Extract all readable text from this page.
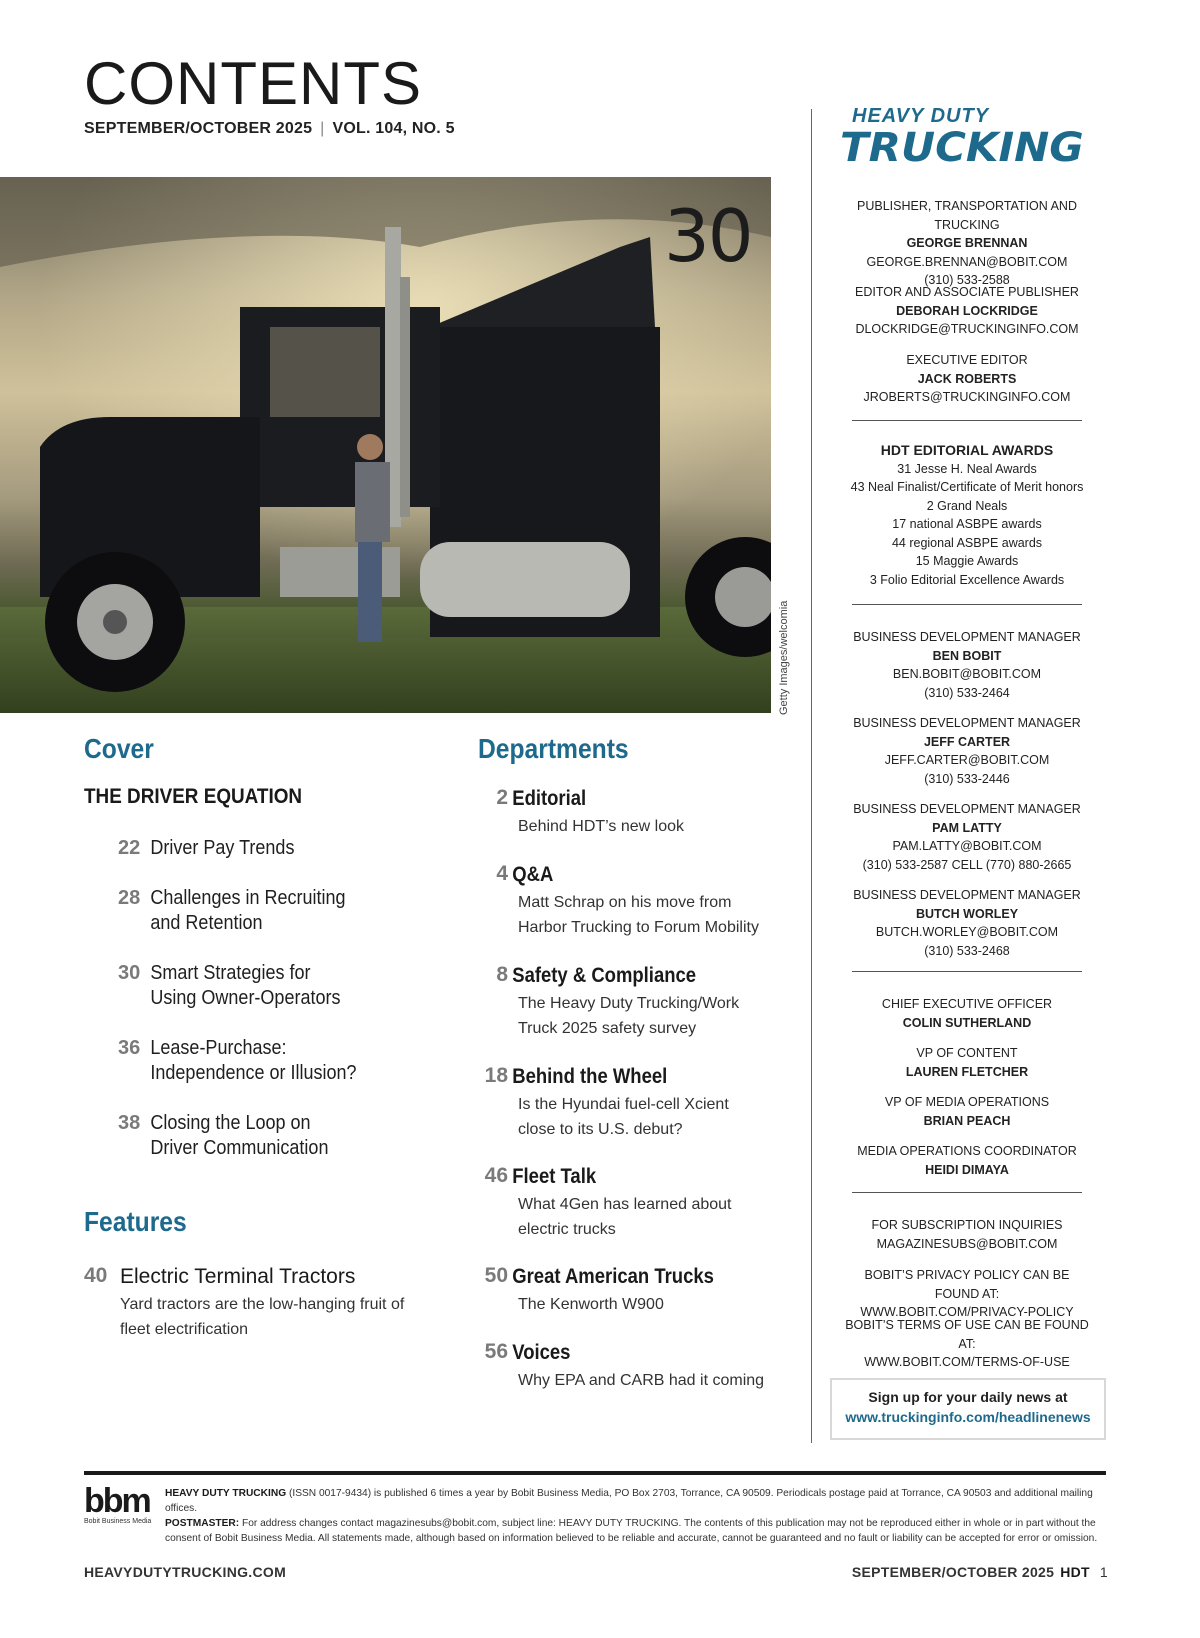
CONTENTS
SEPTEMBER/OCTOBER 2025 | VOL. 104, NO. 5
30
Getty Images/welcomia
Cover
THE DRIVER EQUATION
22 Driver Pay Trends
28 Challenges in Recruiting
and Retention
30 Smart Strategies for
Using Owner-Operators
36 Lease-Purchase:
Independence or Illusion?
38 Closing the Loop on
Driver Communication
Features
40 Electric Terminal Tractors
Yard tractors are the low-hanging fruit of
fleet electrification
Departments
2 Editorial
Behind HDT’s new look
4 Q&A
Matt Schrap on his move from
Harbor Trucking to Forum Mobility
8 Safety & Compliance
The Heavy Duty Trucking/Work
Truck 2025 safety survey
18 Behind the Wheel
Is the Hyundai fuel-cell Xcient
close to its U.S. debut?
46 Fleet Talk
What 4Gen has learned about
electric trucks
50 Great American Trucks
The Kenworth W900
56 Voices
Why EPA and CARB had it coming
HEAVY DUTY
TRUCKING
PUBLISHER, TRANSPORTATION AND TRUCKING
GEORGE BRENNAN
GEORGE.BRENNAN@BOBIT.COM
(310) 533-2588
EDITOR AND ASSOCIATE PUBLISHER
DEBORAH LOCKRIDGE
DLOCKRIDGE@TRUCKINGINFO.COM
EXECUTIVE EDITOR
JACK ROBERTS
JROBERTS@TRUCKINGINFO.COM
HDT EDITORIAL AWARDS
31 Jesse H. Neal Awards
43 Neal Finalist/Certificate of Merit honors
2 Grand Neals
17 national ASBPE awards
44 regional ASBPE awards
15 Maggie Awards
3 Folio Editorial Excellence Awards
BUSINESS DEVELOPMENT MANAGER
BEN BOBIT
BEN.BOBIT@BOBIT.COM
(310) 533-2464
BUSINESS DEVELOPMENT MANAGER
JEFF CARTER
JEFF.CARTER@BOBIT.COM
(310) 533-2446
BUSINESS DEVELOPMENT MANAGER
PAM LATTY
PAM.LATTY@BOBIT.COM
(310) 533-2587 CELL (770) 880-2665
BUSINESS DEVELOPMENT MANAGER
BUTCH WORLEY
BUTCH.WORLEY@BOBIT.COM
(310) 533-2468
CHIEF EXECUTIVE OFFICER
COLIN SUTHERLAND
VP OF CONTENT
LAUREN FLETCHER
VP OF MEDIA OPERATIONS
BRIAN PEACH
MEDIA OPERATIONS COORDINATOR
HEIDI DIMAYA
FOR SUBSCRIPTION INQUIRIES
MAGAZINESUBS@BOBIT.COM
BOBIT’S PRIVACY POLICY CAN BE FOUND AT:
WWW.BOBIT.COM/PRIVACY-POLICY
BOBIT’S TERMS OF USE CAN BE FOUND AT:
WWW.BOBIT.COM/TERMS-OF-USE
Sign up for your daily news at
www.truckinginfo.com/headlinenews
bbm
Bobit Business Media
HEAVY DUTY TRUCKING (ISSN 0017-9434) is published 6 times a year by Bobit Business Media, PO Box 2703, Torrance, CA 90509. Periodicals postage paid at Torrance, CA 90503 and additional mailing offices.
POSTMASTER: For address changes contact magazinesubs@bobit.com, subject line: HEAVY DUTY TRUCKING. The contents of this publication may not be reproduced either in whole or in part without the consent of Bobit Business Media. All statements made, although based on information believed to be reliable and accurate, cannot be guaranteed and no fault or liability can be accepted for error or omission.
HEAVYDUTYTRUCKING.COM	SEPTEMBER/OCTOBER 2025 HDT 1
